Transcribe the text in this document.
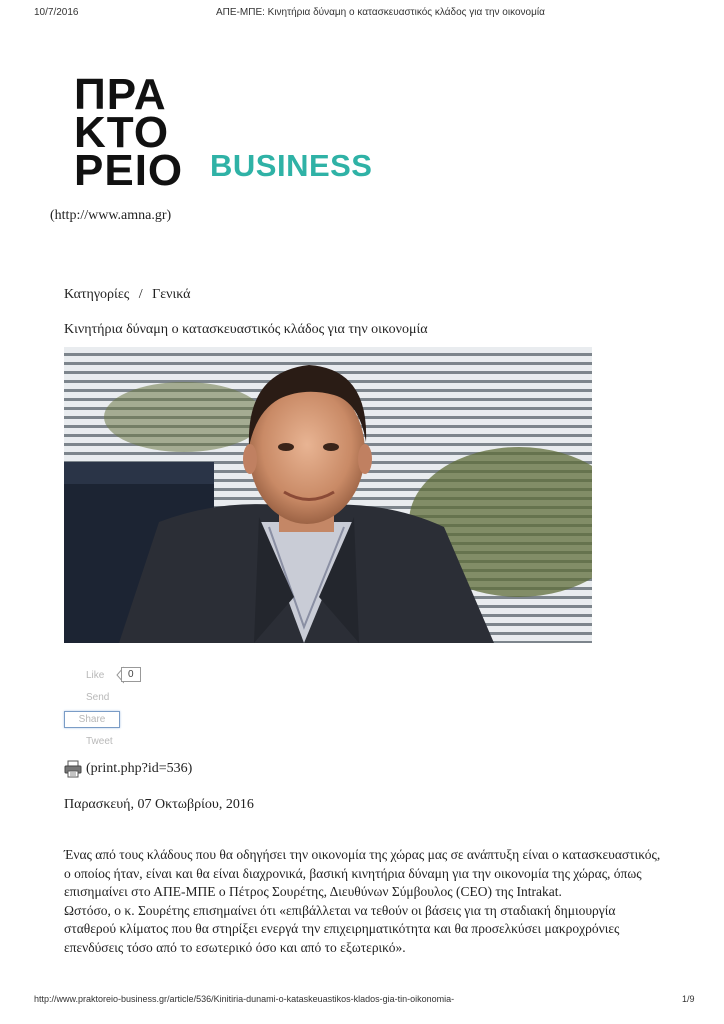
10/7/2016	ΑΠΕ-ΜΠΕ: Κινητήρια δύναμη ο κατασκευαστικός κλάδος για την οικονομία
ΠΡΑ
ΚΤΟ
ΡΕΙΟ BUSINESS
(http://www.amna.gr)
Κατηγορίες / Γενικά
Κινητήρια δύναμη ο κατασκευαστικός κλάδος για την οικονομία
Like	0
Send
Share
Tweet
(print.php?id=536)
Παρασκευή, 07 Οκτωβρίου, 2016
Ένας από τους κλάδους που θα οδηγήσει την οικονομία της χώρας μας σε ανάπτυξη είναι ο κατασκευαστικός, ο οποίος ήταν, είναι και θα είναι διαχρονικά, βασική κινητήρια δύναμη για την οικονομία της χώρας, όπως επισημαίνει στο ΑΠΕ-ΜΠΕ ο Πέτρος Σουρέτης, Διευθύνων Σύμβουλος (CEO) της Intrakat.
Ωστόσο, ο κ. Σουρέτης επισημαίνει ότι «επιβάλλεται να τεθούν οι βάσεις για τη σταδιακή δημιουργία σταθερού κλίματος που θα στηρίξει ενεργά την επιχειρηματικότητα και θα προσελκύσει μακροχρόνιες επενδύσεις τόσο από το εσωτερικό όσο και από το εξωτερικό».
http://www.praktoreio-business.gr/article/536/Kinitiria-dunami-o-kataskeuastikos-klados-gia-tin-oikonomia-	1/9
